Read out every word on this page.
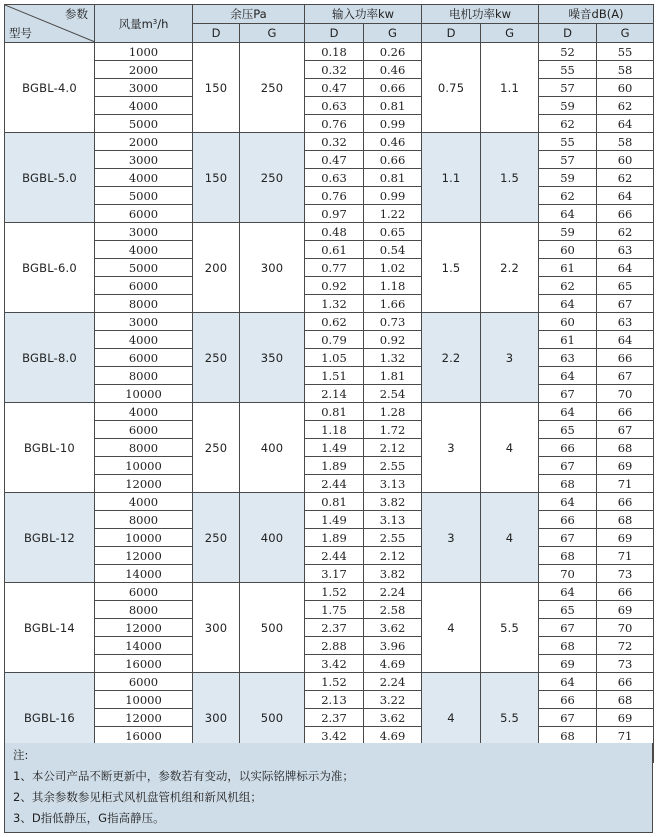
参数
型号	风量$m^3/h$	余压Pa		输入功率kw		电机功率kw		噪音dB(A)	
		D	G	D	G	D	G	D	G
BGBL-4.0	1000	150	250	0.18	0.26	0.75	1.1	52	55
	2000			0.32	0.46			55	58
	3000			0.47	0.66			57	60
	4000			0.63	0.81			59	62
	5000			0.76	0.99			62	64
BGBL-5.0	2000	150	250	0.32	0.46	1.1	1.5	55	58
	3000			0.47	0.66			57	60
	4000			0.63	0.81			59	62
	5000			0.76	0.99			62	64
	6000			0.97	1.22			64	66
BGBL-6.0	3000	200	300	0.48	0.65	1.5	2.2	59	62
	4000			0.61	0.54			60	63
	5000			0.77	1.02			61	64
	6000			0.92	1.18			62	65
	8000			1.32	1.66			64	67
BGBL-8.0	3000	250	350	0.62	0.73	2.2	3	60	63
	4000			0.79	0.92			61	64
	6000			1.05	1.32			63	66
	8000			1.51	1.81			64	67
	10000			2.14	2.54			67	70
BGBL-10	4000	250	400	0.81	1.28	3	4	64	66
	6000			1.18	1.72			65	67
	8000			1.49	2.12			66	68
	10000			1.89	2.55			67	69
	12000			2.44	3.13			68	71
BGBL-12	4000	250	400	0.81	3.82	3	4	64	66
	8000			1.49	3.13			66	68
	10000			1.89	2.55			67	69
	12000			2.44	2.12			68	71
	14000			3.17	3.82			70	73
BGBL-14	6000	300	500	1.52	2.24	4	5.5	64	66
	8000			1.75	2.58			65	69
	12000			2.37	3.62			67	70
	14000			2.88	3.96			68	72
	16000			3.42	4.69			69	73
BGBL-16	6000	300	500	1.52	2.24	4	5.5	64	66
	10000			2.13	3.22			66	68
	12000			2.37	3.62			67	69
	16000			3.42	4.69			68	71

注:
1、本公司产品不断更新中，参数若有变动，以实际铭牌标示为准；
2、其余参数参见柜式风机盘管机组和新风机组；
3、D指低静压，G指高静压。
